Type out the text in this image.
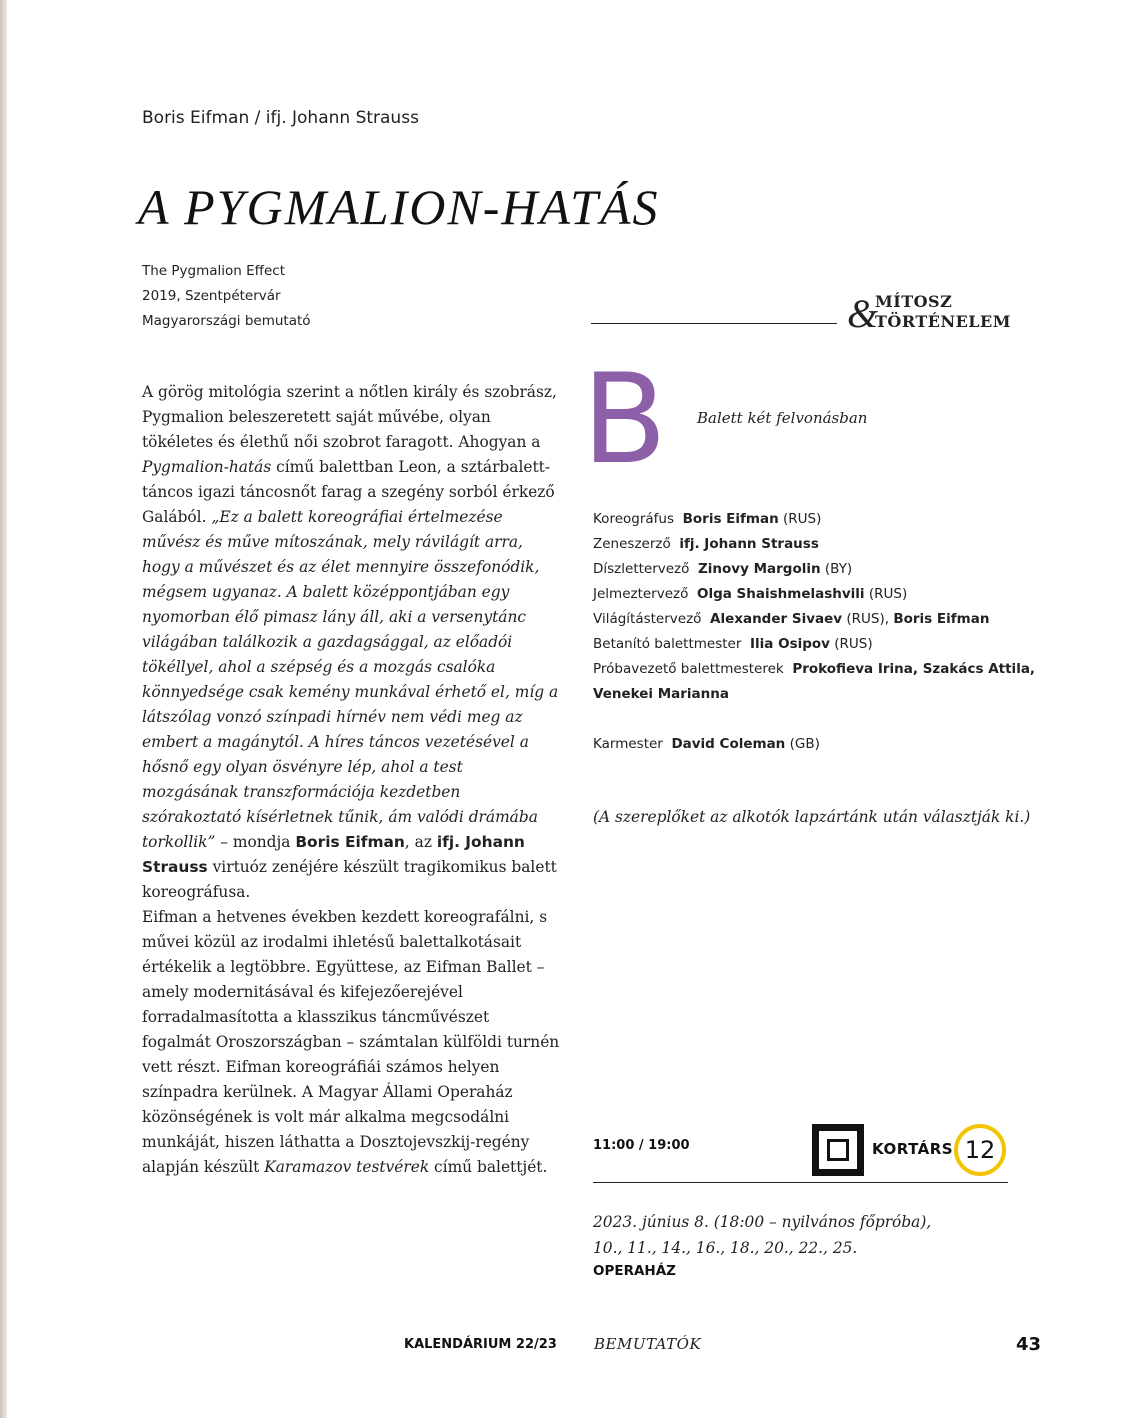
Boris Eifman / ifj. Johann Strauss
A PYGMALION-HATÁS
The Pygmalion Effect
2019, Szentpétervár
Magyarországi bemutató	&
MÍTOSZ
TÖRTÉNELEM

A görög mitológia szerint a nőtlen király és szobrász, Pygmalion beleszeretett saját művébe, olyan tökéletes és élethű női szobrot faragott. Ahogyan a Pygmalion-hatás című balettban Leon, a sztárbalett-táncos igazi táncosnőt farag a szegény sorból érkező Galából. „Ez a balett koreográfiai értelmezése művész és műve mítoszának, mely rávilágít arra, hogy a művészet és az élet mennyire összefonódik, mégsem ugyanaz. A balett középpontjában egy nyomorban élő pimasz lány áll, aki a versenytánc világában találkozik a gazdagsággal, az előadói tökéllyel, ahol a szépség és a mozgás csalóka könnyedsége csak kemény munkával érhető el, míg a látszólag vonzó színpadi hírnév nem védi meg az embert a magánytól. A híres táncos vezetésével a hősnő egy olyan ösvényre lép, ahol a test mozgásának transzformációja kezdetben szórakoztató kísérletnek tűnik, ám valódi drámába torkollik” – mondja Boris Eifman, az ifj. Johann Strauss virtuóz zenéjére készült tragikomikus balett koreográfusa.

Eifman a hetvenes években kezdett koreografálni, s művei közül az irodalmi ihletésű balettalkotásait értékelik a legtöbbre. Együttese, az Eifman Ballet – amely modernitásával és kifejezőerejével forradalmasította a klasszikus táncművészet fogalmát Oroszországban – számtalan külföldi turnén vett részt. Eifman koreográfiái számos helyen színpadra kerülnek. A Magyar Állami Operaház közönségének is volt már alkalma megcsodálni munkáját, hiszen láthatta a Dosztojevszkij-regény alapján készült Karamazov testvérek című balettjét.

B Balett két felvonásban
Koreográfus Boris Eifman (RUS)
Zeneszerző ifj. Johann Strauss
Díszlettervező Zinovy Margolin (BY)
Jelmeztervező Olga Shaishmelashvili (RUS)
Világítástervező Alexander Sivaev (RUS), Boris Eifman
Betanító balettmester Ilia Osipov (RUS)
Próbavezető balettmesterek Prokofieva Irina, Szakács Attila,
Venekei Marianna
Karmester David Coleman (GB)
(A szereplőket az alkotók lapzártánk után választják ki.)
11:00 / 19:00	KORTÁRS 12
2023. június 8. (18:00 – nyilvános főpróba),
10., 11., 14., 16., 18., 20., 22., 25.
OPERAHÁZ
KALENDÁRIUM 22/23 BEMUTATÓK	43
